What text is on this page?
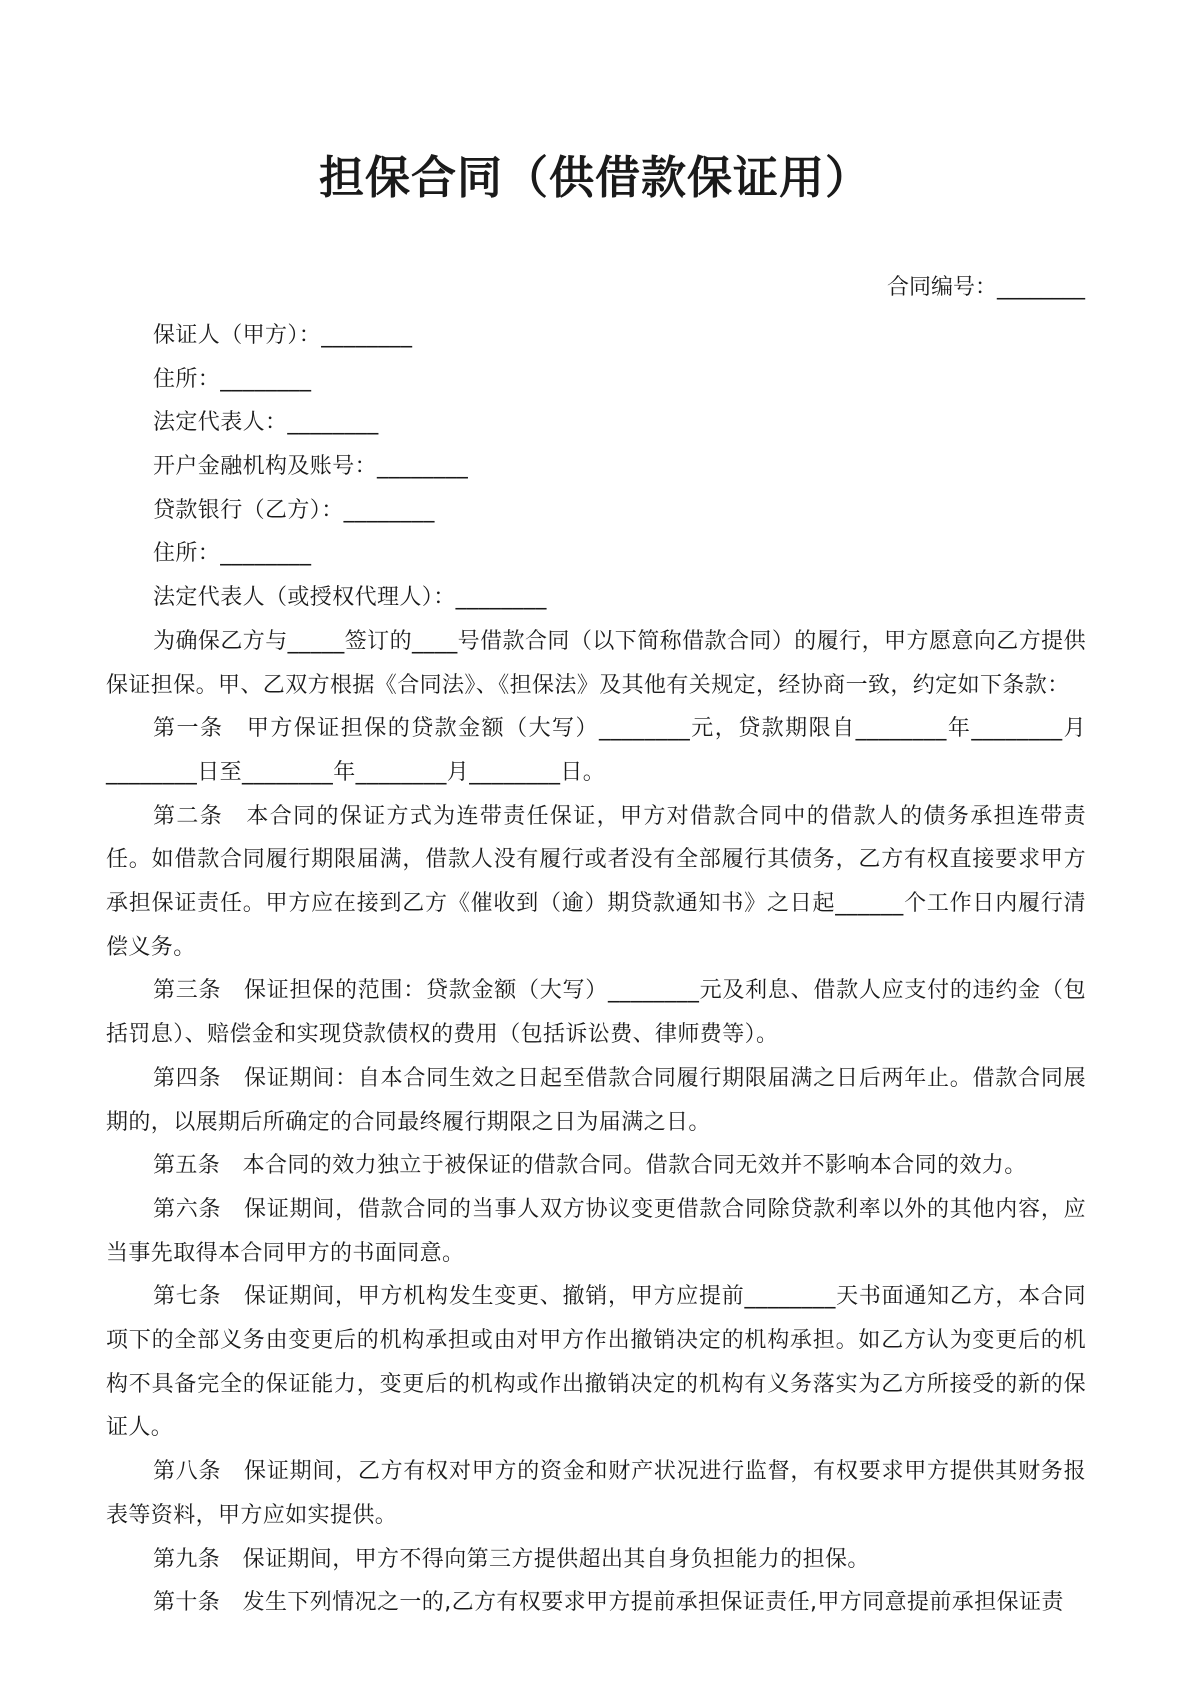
担保合同（供借款保证用）
合同编号：________
保证人（甲方）：________
住所：________
法定代表人：________
开户金融机构及账号：________
贷款银行（乙方）：________
住所：________
法定代表人（或授权代理人）：________
为确保乙方与_____签订的____号借款合同（以下简称借款合同）的履行，甲方愿意向乙方提供保证担保。甲、乙双方根据《合同法》、《担保法》及其他有关规定，经协商一致，约定如下条款：
第一条　甲方保证担保的贷款金额（大写）________元，贷款期限自________年________月________日至________年________月________日。
第二条　本合同的保证方式为连带责任保证，甲方对借款合同中的借款人的债务承担连带责任。如借款合同履行期限届满，借款人没有履行或者没有全部履行其债务，乙方有权直接要求甲方承担保证责任。甲方应在接到乙方《催收到（逾）期贷款通知书》之日起______个工作日内履行清偿义务。
第三条　保证担保的范围：贷款金额（大写）________元及利息、借款人应支付的违约金（包括罚息）、赔偿金和实现贷款债权的费用（包括诉讼费、律师费等）。
第四条　保证期间：自本合同生效之日起至借款合同履行期限届满之日后两年止。借款合同展期的，以展期后所确定的合同最终履行期限之日为届满之日。
第五条　本合同的效力独立于被保证的借款合同。借款合同无效并不影响本合同的效力。
第六条　保证期间，借款合同的当事人双方协议变更借款合同除贷款利率以外的其他内容，应当事先取得本合同甲方的书面同意。
第七条　保证期间，甲方机构发生变更、撤销，甲方应提前________天书面通知乙方，本合同项下的全部义务由变更后的机构承担或由对甲方作出撤销决定的机构承担。如乙方认为变更后的机构不具备完全的保证能力，变更后的机构或作出撤销决定的机构有义务落实为乙方所接受的新的保证人。
第八条　保证期间，乙方有权对甲方的资金和财产状况进行监督，有权要求甲方提供其财务报表等资料，甲方应如实提供。
第九条　保证期间，甲方不得向第三方提供超出其自身负担能力的担保。
第十条　发生下列情况之一的,乙方有权要求甲方提前承担保证责任,甲方同意提前承担保证责
